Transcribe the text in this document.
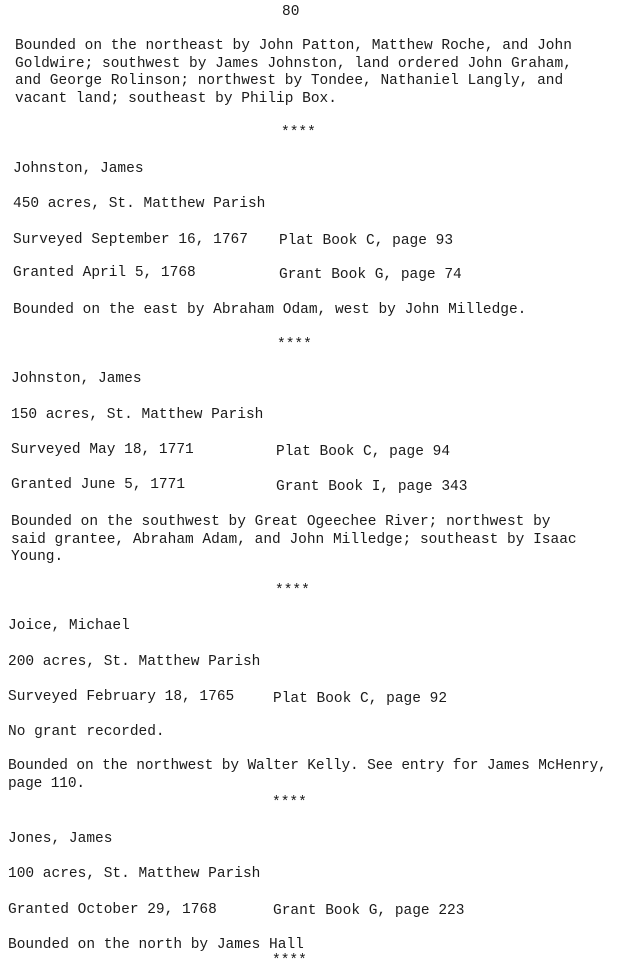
80
Bounded on the northeast by John Patton, Matthew Roche, and John Goldwire; southwest by James Johnston, land ordered John Graham, and George Rolinson; northwest by Tondee, Nathaniel Langly, and vacant land; southeast by Philip Box.
****
Johnston, James
450 acres, St. Matthew Parish
Surveyed September 16, 1767 Plat Book C, page 93
Granted April 5, 1768	Grant Book G, page 74
Bounded on the east by Abraham Odam, west by John Milledge.
****
Johnston, James
150 acres, St. Matthew Parish
Surveyed May 18, 1771	Plat Book C, page 94
Granted June 5, 1771	Grant Book I, page 343
Bounded on the southwest by Great Ogeechee River; northwest by said grantee, Abraham Adam, and John Milledge; southeast by Isaac Young.
****
Joice, Michael
200 acres, St. Matthew Parish
Surveyed February 18, 1765	Plat Book C, page 92
No grant recorded.
Bounded on the northwest by Walter Kelly. See entry for James McHenry, page 110.
****
Jones, James
100 acres, St. Matthew Parish
Granted October 29, 1768	Grant Book G, page 223
Bounded on the north by James Hall
****
